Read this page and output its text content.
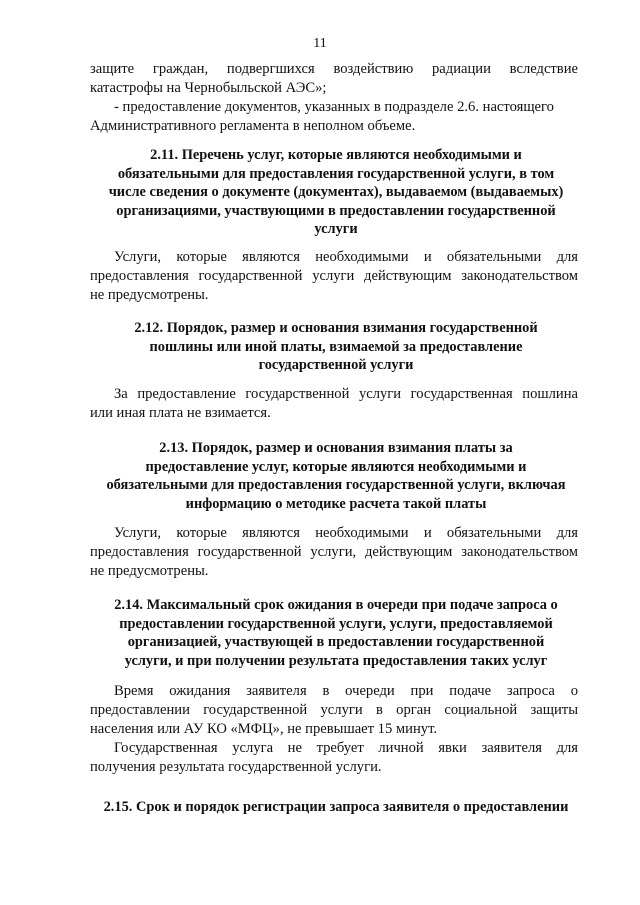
11
защите граждан, подвергшихся воздействию радиации вследствие
катастрофы на Чернобыльской АЭС»;
- предоставление документов, указанных в подразделе 2.6. настоящего
Административного регламента в неполном объеме.
2.11. Перечень услуг, которые являются необходимыми и
обязательными для предоставления государственной услуги, в том
числе сведения о документе (документах), выдаваемом (выдаваемых)
организациями, участвующими в предоставлении государственной
услуги
Услуги, которые являются необходимыми и обязательными для
предоставления государственной услуги действующим законодательством
не предусмотрены.
2.12. Порядок, размер и основания взимания государственной
пошлины или иной платы, взимаемой за предоставление
государственной услуги
За предоставление государственной услуги государственная пошлина
или иная плата не взимается.
2.13. Порядок, размер и основания взимания платы за
предоставление услуг, которые являются необходимыми и
обязательными для предоставления государственной услуги, включая
информацию о методике расчета такой платы
Услуги, которые являются необходимыми и обязательными для
предоставления государственной услуги, действующим законодательством
не предусмотрены.
2.14. Максимальный срок ожидания в очереди при подаче запроса о
предоставлении государственной услуги, услуги, предоставляемой
организацией, участвующей в предоставлении государственной
услуги, и при получении результата предоставления таких услуг
Время ожидания заявителя в очереди при подаче запроса о
предоставлении государственной услуги в орган социальной защиты
населения или АУ КО «МФЦ», не превышает 15 минут.
Государственная услуга не требует личной явки заявителя для
получения результата государственной услуги.
2.15. Срок и порядок регистрации запроса заявителя о предоставлении
